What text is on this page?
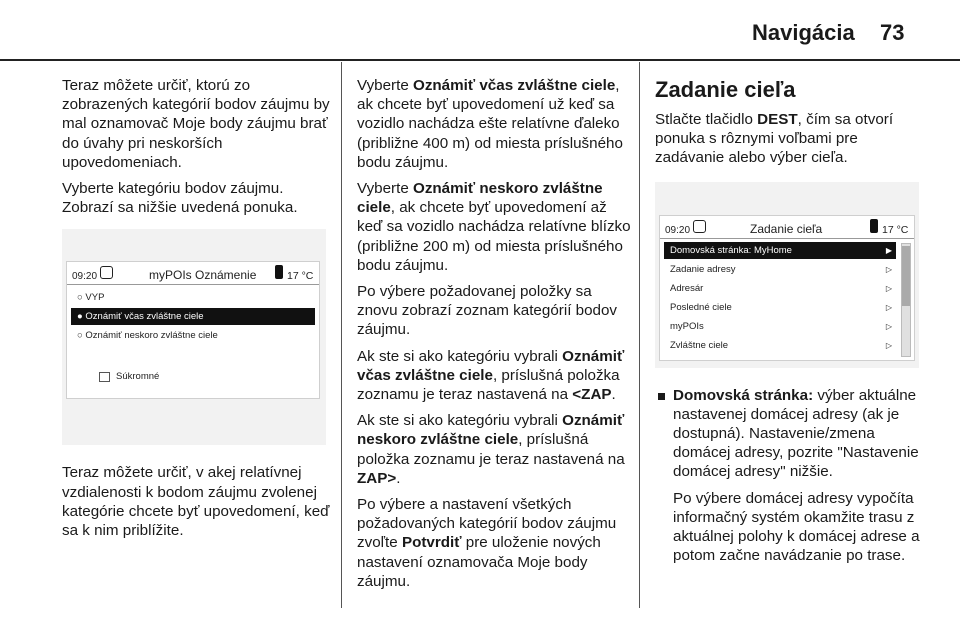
Navigácia 73

Teraz môžete určiť, ktorú zo zobrazených kategórií bodov záujmu by mal oznamovač Moje body záujmu brať do úvahy pri neskorších upovedomeniach.

Vyberte kategóriu bodov záujmu. Zobrazí sa nižšie uvedená ponuka.

09:20	myPOIs Oznámenie	17 °C
○ VYP
● Oznámiť včas zvláštne ciele
○ Oznámiť neskoro zvláštne ciele
Súkromné

Teraz môžete určiť, v akej relatívnej vzdialenosti k bodom záujmu zvolenej kategórie chcete byť upovedomení, keď sa k nim priblížite.

Vyberte Oznámiť včas zvláštne ciele, ak chcete byť upovedomení už keď sa vozidlo nachádza ešte relatívne ďaleko (približne 400 m) od miesta príslušného bodu záujmu.

Vyberte Oznámiť neskoro zvláštne ciele, ak chcete byť upovedomení až keď sa vozidlo nachádza relatívne blízko (približne 200 m) od miesta príslušného bodu záujmu.

Po výbere požadovanej položky sa znovu zobrazí zoznam kategórií bodov záujmu.

Ak ste si ako kategóriu vybrali Oznámiť včas zvláštne ciele, príslušná položka zoznamu je teraz nastavená na <ZAP.

Ak ste si ako kategóriu vybrali Oznámiť neskoro zvláštne ciele, príslušná položka zoznamu je teraz nastavená na ZAP>.

Po výbere a nastavení všetkých požadovaných kategórií bodov záujmu zvoľte Potvrdiť pre uloženie nových nastavení oznamovača Moje body záujmu.

Zadanie cieľa

Stlačte tlačidlo DEST, čím sa otvorí ponuka s rôznymi voľbami pre zadávanie alebo výber cieľa.

09:20	Zadanie cieľa	17 °C
Domovská stránka: MyHome	▶
Zadanie adresy	▷
Adresár	▷
Posledné ciele	▷
myPOIs	▷
Zvláštne ciele	▷

Domovská stránka: výber aktuálne nastavenej domácej adresy (ak je dostupná). Nastavenie/zmena domácej adresy, pozrite "Nastavenie domácej adresy" nižšie.

Po výbere domácej adresy vypočíta informačný systém okamžite trasu z aktuálnej polohy k domácej adrese a potom začne navádzanie po trase.
